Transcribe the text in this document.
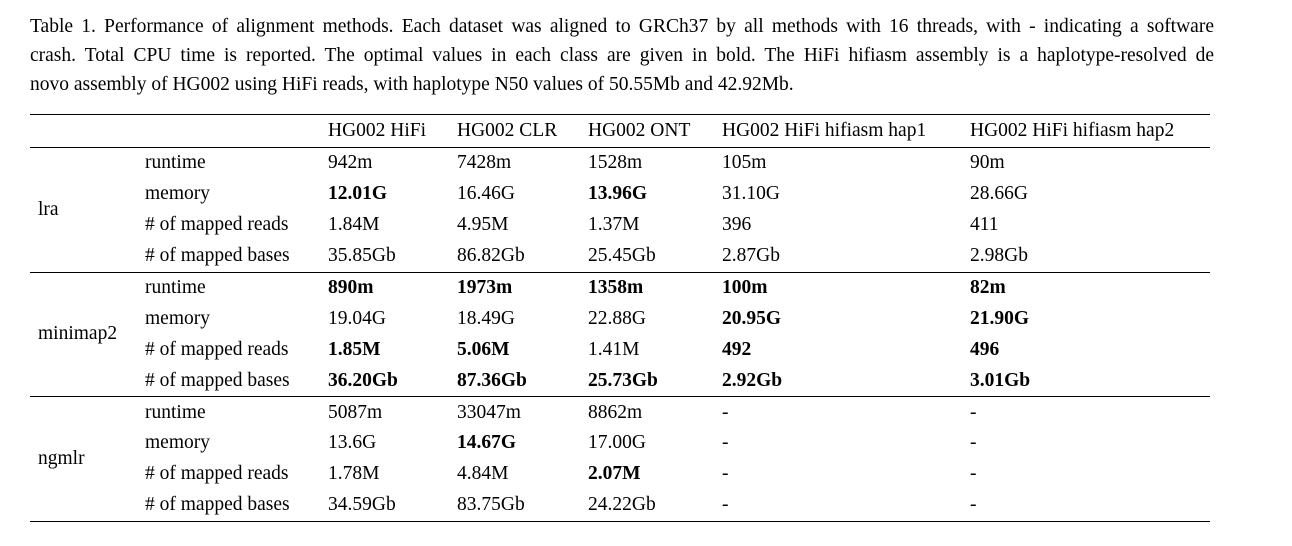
Table 1. Performance of alignment methods. Each dataset was aligned to GRCh37 by all methods with 16 threads, with - indicating a software
crash. Total CPU time is reported. The optimal values in each class are given in bold. The HiFi hifiasm assembly is a haplotype-resolved de
novo assembly of HG002 using HiFi reads, with haplotype N50 values of 50.55Mb and 42.92Mb.

		HG002 HiFi	HG002 CLR	HG002 ONT	HG002 HiFi hifiasm hap1	HG002 HiFi hifiasm hap2
lra	runtime	942m	7428m	1528m	105m	90m
	memory	12.01G	16.46G	13.96G	31.10G	28.66G
	# of mapped reads	1.84M	4.95M	1.37M	396	411
	# of mapped bases	35.85Gb	86.82Gb	25.45Gb	2.87Gb	2.98Gb
minimap2	runtime	890m	1973m	1358m	100m	82m
	memory	19.04G	18.49G	22.88G	20.95G	21.90G
	# of mapped reads	1.85M	5.06M	1.41M	492	496
	# of mapped bases	36.20Gb	87.36Gb	25.73Gb	2.92Gb	3.01Gb
ngmlr	runtime	5087m	33047m	8862m	-	-
	memory	13.6G	14.67G	17.00G	-	-
	# of mapped reads	1.78M	4.84M	2.07M	-	-
	# of mapped bases	34.59Gb	83.75Gb	24.22Gb	-	-
